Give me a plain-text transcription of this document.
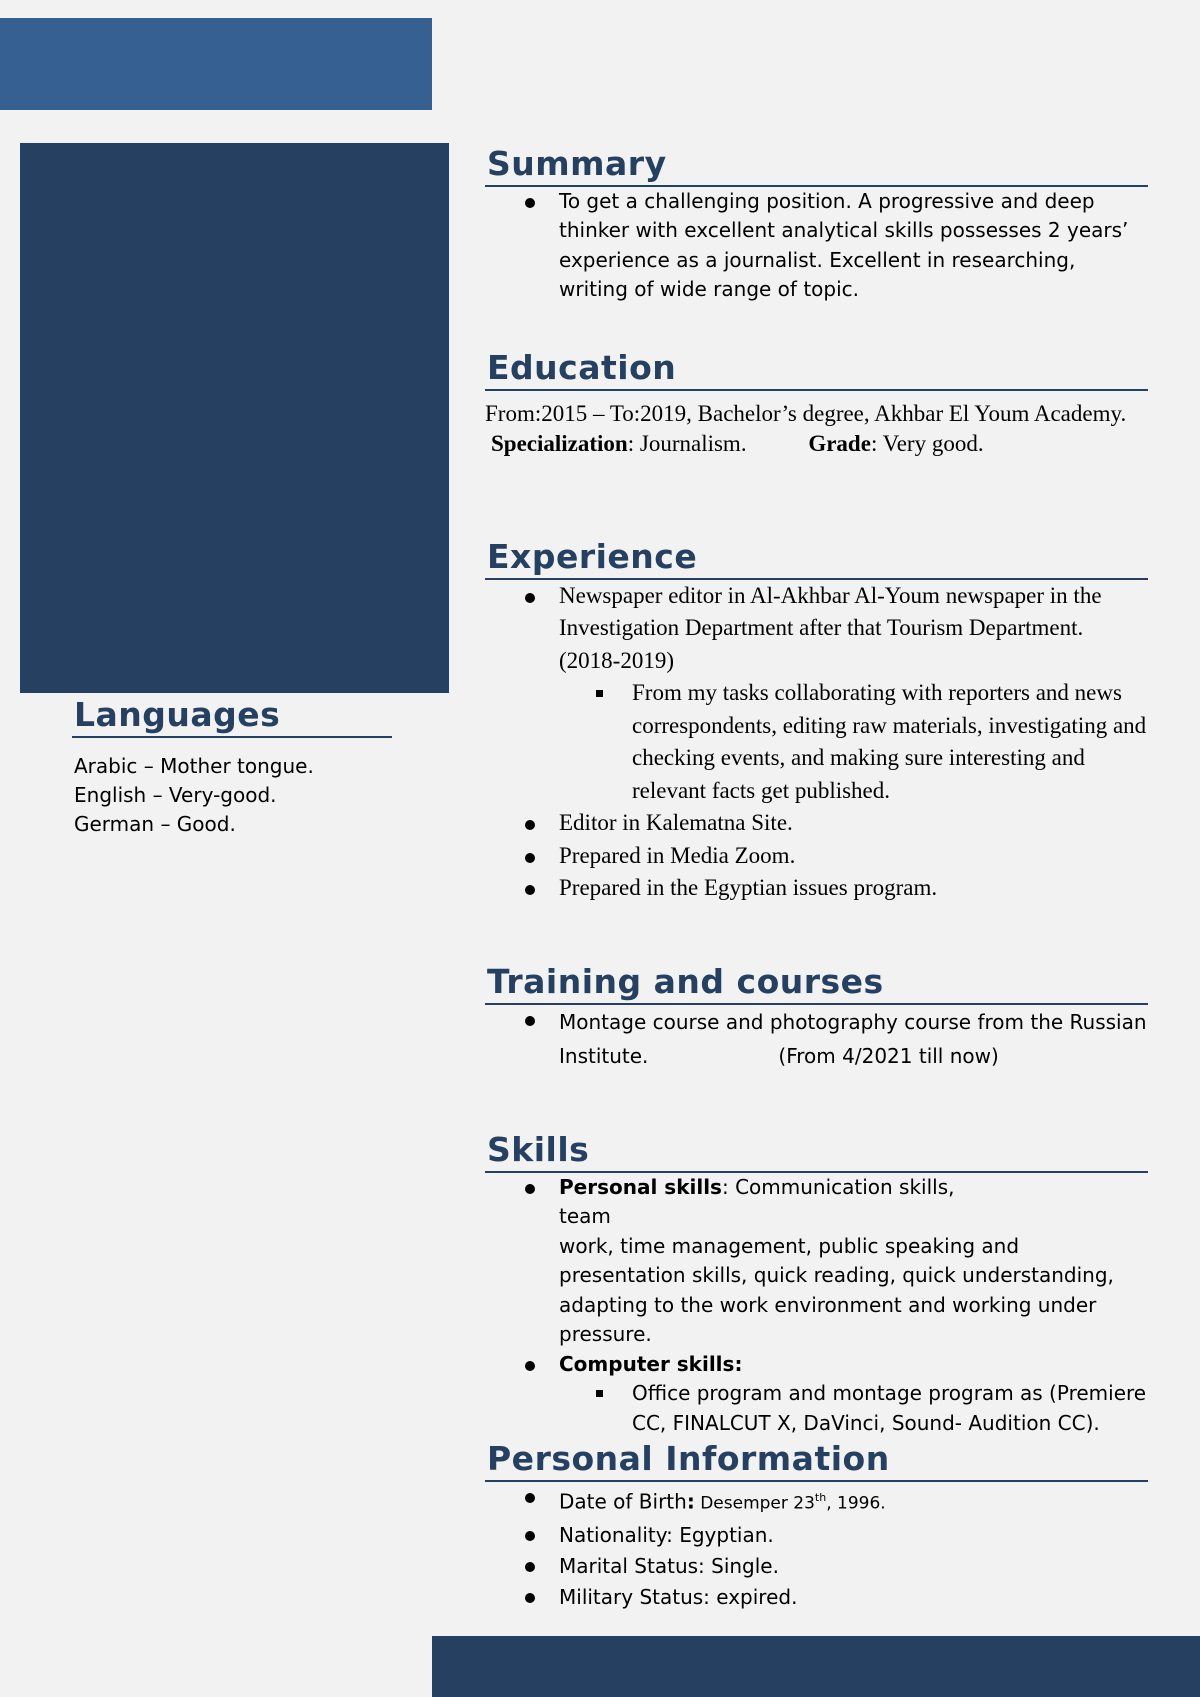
Languages
Arabic – Mother tongue.
English – Very-good.
German – Good.
Summary
To get a challenging position. A progressive and deep thinker with excellent analytical skills possesses 2 years’ experience as a journalist. Excellent in researching, writing of wide range of topic.
Education
From:2015 – To:2019, Bachelor’s degree, Akhbar El Youm Academy.
Specialization: Journalism.	Grade: Very good.
Experience
Newspaper editor in Al-Akhbar Al-Youm newspaper in the Investigation Department after that Tourism Department. (2018-2019)
From my tasks collaborating with reporters and news correspondents, editing raw materials, investigating and checking events, and making sure interesting and relevant facts get published.
Editor in Kalematna Site.
Prepared in Media Zoom.
Prepared in the Egyptian issues program.
Training and courses
Montage course and photography course from the Russian Institute.	(From 4/2021 till now)
Skills
Personal skills: Communication skills, team
work, time management, public speaking and presentation skills, quick reading, quick understanding, adapting to the work environment and working under pressure.
Computer skills:
Office program and montage program as (Premiere CC, FINALCUT X, DaVinci, Sound- Audition CC).
Personal Information
Date of Birth: Desemper 23th, 1996.
Nationality: Egyptian.
Marital Status: Single.
Military Status: expired.
